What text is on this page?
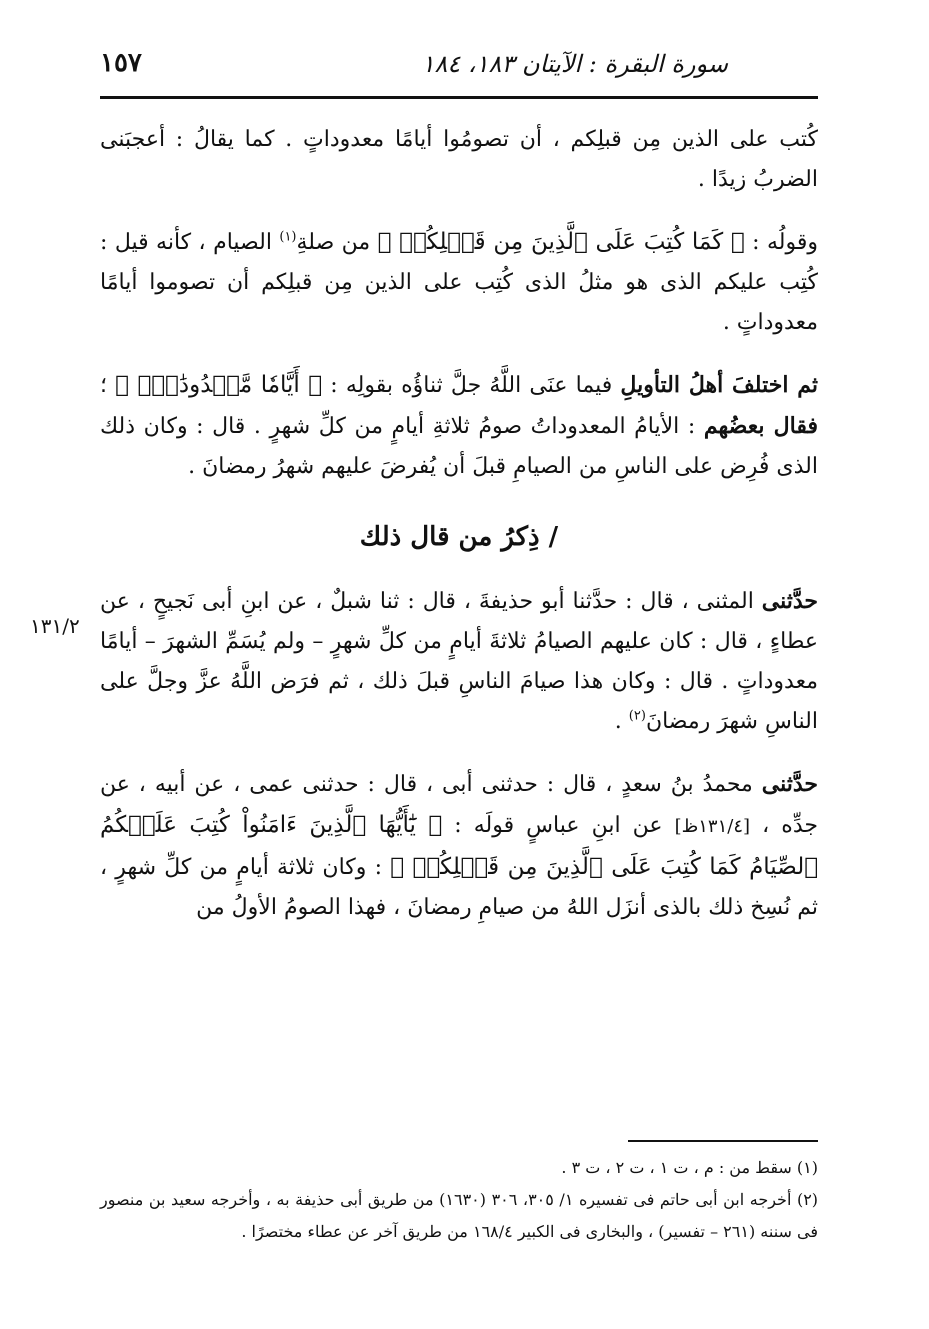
سورة البقرة : الآيتان ١٨٣، ١٨٤
١٥٧
١٣١/٢

كُتب على الذين مِن قبلِكم ، أن تصومُوا أيامًا معدوداتٍ . كما يقالُ : أعجبَنى الضربُ زيدًا .

وقولُه : ﴿ كَمَا كُتِبَ عَلَى ٱلَّذِينَ مِن قَبۡلِكُمۡ ﴾ من صلةِ$^{(١)}$ الصيام ، كأنه قيل : كُتِب عليكم الذى هو مثلُ الذى كُتِب على الذين مِن قبلِكم أن تصوموا أيامًا معدوداتٍ .

ثم اختلفَ أهلُ التأويلِ فيما عنَى اللَّهُ جلَّ ثناؤُه بقولِه : ﴿ أَيَّامٗا مَّعۡدُودَٰتٖۚ ﴾ ؛ فقال بعضُهم : الأيامُ المعدوداتُ صومُ ثلاثةِ أيامٍ من كلِّ شهرٍ . قال : وكان ذلك الذى فُرِض على الناسِ من الصيامِ قبلَ أن يُفرضَ عليهم شهرُ رمضانَ .

/ ذِكرُ من قال ذلك

حدَّثنى المثنى ، قال : حدَّثنا أبو حذيفةَ ، قال : ثنا شبلٌ ، عن ابنِ أبى نَجيحٍ ، عن عطاءٍ ، قال : كان عليهم الصيامُ ثلاثةَ أيامٍ من كلِّ شهرٍ – ولم يُسَمِّ الشهرَ – أيامًا معدوداتٍ . قال : وكان هذا صيامَ الناسِ قبلَ ذلك ، ثم فرَض اللَّهُ عزَّ وجلَّ على الناسِ شهرَ رمضانَ$^{(٢)}$ .

حدَّثنى محمدُ بنُ سعدٍ ، قال : حدثنى أبى ، قال : حدثنى عمى ، عن أبيه ، عن جدِّه ، [١٣١/٤ظ] عن ابنِ عباسٍ قولَه : ﴿ يَٰٓأَيُّهَا ٱلَّذِينَ ءَامَنُواْ كُتِبَ عَلَيۡكُمُ ٱلصِّيَامُ كَمَا كُتِبَ عَلَى ٱلَّذِينَ مِن قَبۡلِكُمۡ ﴾ : وكان ثلاثة أيامٍ من كلِّ شهرٍ ، ثم نُسِخ ذلك بالذى أنزَل اللهُ من صيامِ رمضانَ ، فهذا الصومُ الأولُ من

(١) سقط من : م ، ت ١ ، ت ٢ ، ت ٣ .

(٢) أخرجه ابن أبى حاتم فى تفسيره ١/ ٣٠٥، ٣٠٦ (١٦٣٠) من طريق أبى حذيفة به ، وأخرجه سعيد بن منصور فى سننه (٢٦١ – تفسير) ، والبخارى فى الكبير ١٦٨/٤ من طريق آخر عن عطاء مختصرًا .
